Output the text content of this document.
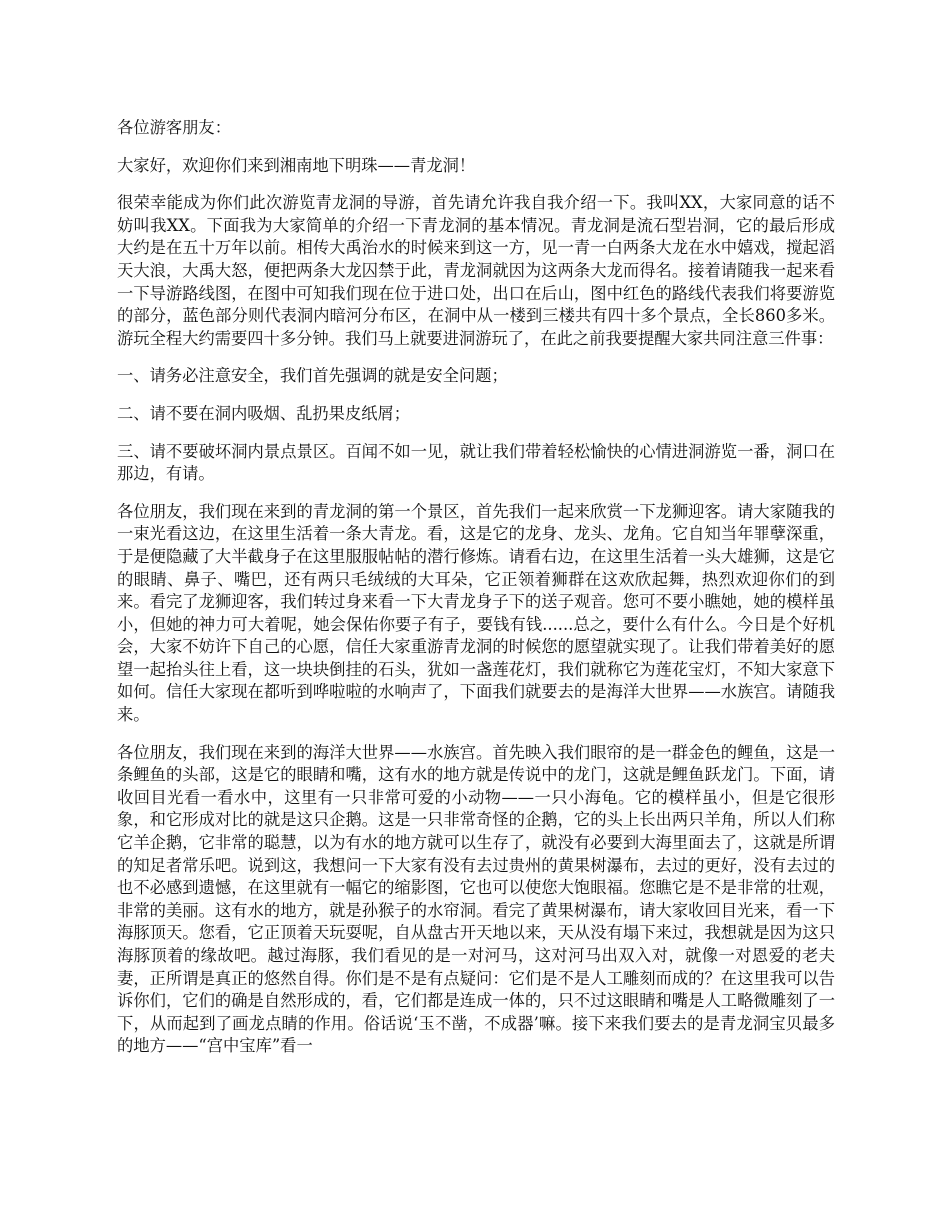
各位游客朋友：

大家好，欢迎你们来到湘南地下明珠——青龙洞！

很荣幸能成为你们此次游览青龙洞的导游，首先请允许我自我介绍一下。我叫XX，大家同意的话不妨叫我XX。下面我为大家简单的介绍一下青龙洞的基本情况。青龙洞是流石型岩洞，它的最后形成大约是在五十万年以前。相传大禹治水的时候来到这一方，见一青一白两条大龙在水中嬉戏，搅起滔天大浪，大禹大怒，便把两条大龙囚禁于此，青龙洞就因为这两条大龙而得名。接着请随我一起来看一下导游路线图，在图中可知我们现在位于进口处，出口在后山，图中红色的路线代表我们将要游览的部分，蓝色部分则代表洞内暗河分布区，在洞中从一楼到三楼共有四十多个景点，全长860多米。游玩全程大约需要四十多分钟。我们马上就要进洞游玩了，在此之前我要提醒大家共同注意三件事：

一、请务必注意安全，我们首先强调的就是安全问题；

二、请不要在洞内吸烟、乱扔果皮纸屑；

三、请不要破坏洞内景点景区。百闻不如一见，就让我们带着轻松愉快的心情进洞游览一番，洞口在那边，有请。

各位朋友，我们现在来到的青龙洞的第一个景区，首先我们一起来欣赏一下龙狮迎客。请大家随我的一束光看这边，在这里生活着一条大青龙。看，这是它的龙身、龙头、龙角。它自知当年罪孽深重，于是便隐藏了大半截身子在这里服服帖帖的潜行修炼。请看右边，在这里生活着一头大雄狮，这是它的眼睛、鼻子、嘴巴，还有两只毛绒绒的大耳朵，它正领着狮群在这欢欣起舞，热烈欢迎你们的到来。看完了龙狮迎客，我们转过身来看一下大青龙身子下的送子观音。您可不要小瞧她，她的模样虽小，但她的神力可大着呢，她会保佑你要子有子，要钱有钱......总之，要什么有什么。今日是个好机会，大家不妨许下自己的心愿，信任大家重游青龙洞的时候您的愿望就实现了。让我们带着美好的愿望一起抬头往上看，这一块块倒挂的石头，犹如一盏莲花灯，我们就称它为莲花宝灯，不知大家意下如何。信任大家现在都听到哗啦啦的水响声了，下面我们就要去的是海洋大世界——水族宫。请随我来。

各位朋友，我们现在来到的海洋大世界——水族宫。首先映入我们眼帘的是一群金色的鲤鱼，这是一条鲤鱼的头部，这是它的眼睛和嘴，这有水的地方就是传说中的龙门，这就是鲤鱼跃龙门。下面，请收回目光看一看水中，这里有一只非常可爱的小动物——一只小海龟。它的模样虽小，但是它很形象，和它形成对比的就是这只企鹅。这是一只非常奇怪的企鹅，它的头上长出两只羊角，所以人们称它羊企鹅，它非常的聪慧，以为有水的地方就可以生存了，就没有必要到大海里面去了，这就是所谓的知足者常乐吧。说到这，我想问一下大家有没有去过贵州的黄果树瀑布，去过的更好，没有去过的也不必感到遗憾，在这里就有一幅它的缩影图，它也可以使您大饱眼福。您瞧它是不是非常的壮观，非常的美丽。这有水的地方，就是孙猴子的水帘洞。看完了黄果树瀑布，请大家收回目光来，看一下海豚顶天。您看，它正顶着天玩耍呢，自从盘古开天地以来，天从没有塌下来过，我想就是因为这只海豚顶着的缘故吧。越过海豚，我们看见的是一对河马，这对河马出双入对，就像一对恩爱的老夫妻，正所谓是真正的悠然自得。你们是不是有点疑问：它们是不是人工雕刻而成的？在这里我可以告诉你们，它们的确是自然形成的，看，它们都是连成一体的，只不过这眼睛和嘴是人工略微雕刻了一下，从而起到了画龙点睛的作用。俗话说‘玉不凿，不成器’嘛。接下来我们要去的是青龙洞宝贝最多的地方——“宫中宝库”看一
